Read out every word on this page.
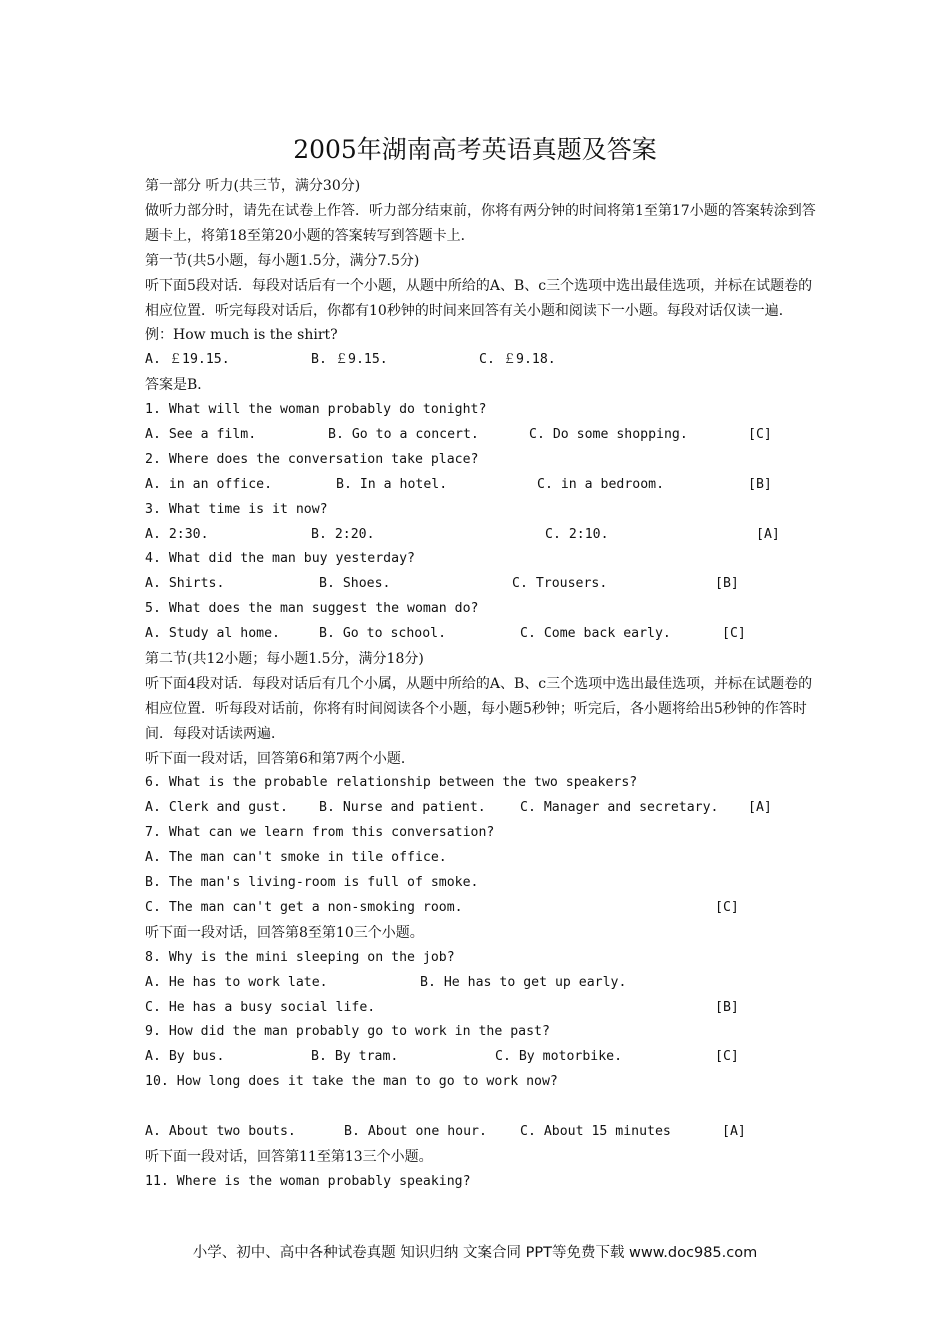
2005年湖南高考英语真题及答案
第一部分 听力(共三节，满分30分)
做听力部分时，请先在试卷上作答．听力部分结束前，你将有两分钟的时间将第1至第17小题的答案转涂到答题卡上，将第18至第20小题的答案转写到答题卡上．
第一节(共5小题，每小题1.5分，满分7.5分)
听下面5段对话．每段对话后有一个小题，从题中所给的A、B、c三个选项中选出最佳选项，并标在试题卷的相应位置．听完每段对话后，你都有10秒钟的时间来回答有关小题和阅读下一小题。每段对话仅读一遍．
例：How much is the shirt?
A. ￡19.15.	B. ￡9.15.	C. ￡9.18.
答案是B．
1. What will the woman probably do tonight?
A. See a film.	B. Go to a concert.	C. Do some shopping.	[C]
2. Where does the conversation take place?
A. in an office.	B. In a hotel.	C. in a bedroom.	[B]
3. What time is it now?
A. 2:30.	B. 2:20.	C. 2:10.	[A]
4. What did the man buy yesterday?
A. Shirts.	B. Shoes.	C. Trousers.	[B]
5. What does the man suggest the woman do?
A. Study al home.	B. Go to school.	C. Come back early.	[C]
第二节(共12小题；每小题1.5分，满分18分)
听下面4段对话．每段对话后有几个小属，从题中所给的A、B、c三个选项中选出最佳选项，并标在试题卷的相应位置．听每段对话前，你将有时间阅读各个小题，每小题5秒钟；听完后，各小题将给出5秒钟的作答时间．每段对话读两遍．
听下面一段对话，回答第6和第7两个小题．
6. What is the probable relationship between the two speakers?
A. Clerk and gust. B. Nurse and patient.	C. Manager and secretary. [A]
7. What can we learn from this conversation?
A. The man can't smoke in tile office.
B. The man's living-room is full of smoke.
C. The man can't get a non-smoking room.	[C]
听下面一段对话，回答第8至第10三个小题。
8. Why is the mini sleeping on the job?
A. He has to work late.	B. He has to get up early.
C. He has a busy social life.	[B]
9. How did the man probably go to work in the past?
A. By bus.	B. By tram.	C. By motorbike.	[C]
10. How long does it take the man to go to work now?
A. About two bouts.	B. About one hour.	C. About 15 minutes	[A]
听下面一段对话，回答第11至第13三个小题。
11. Where is the woman probably speaking?
小学、初中、高中各种试卷真题 知识归纳 文案合同 PPT等免费下载 www.doc985.com
